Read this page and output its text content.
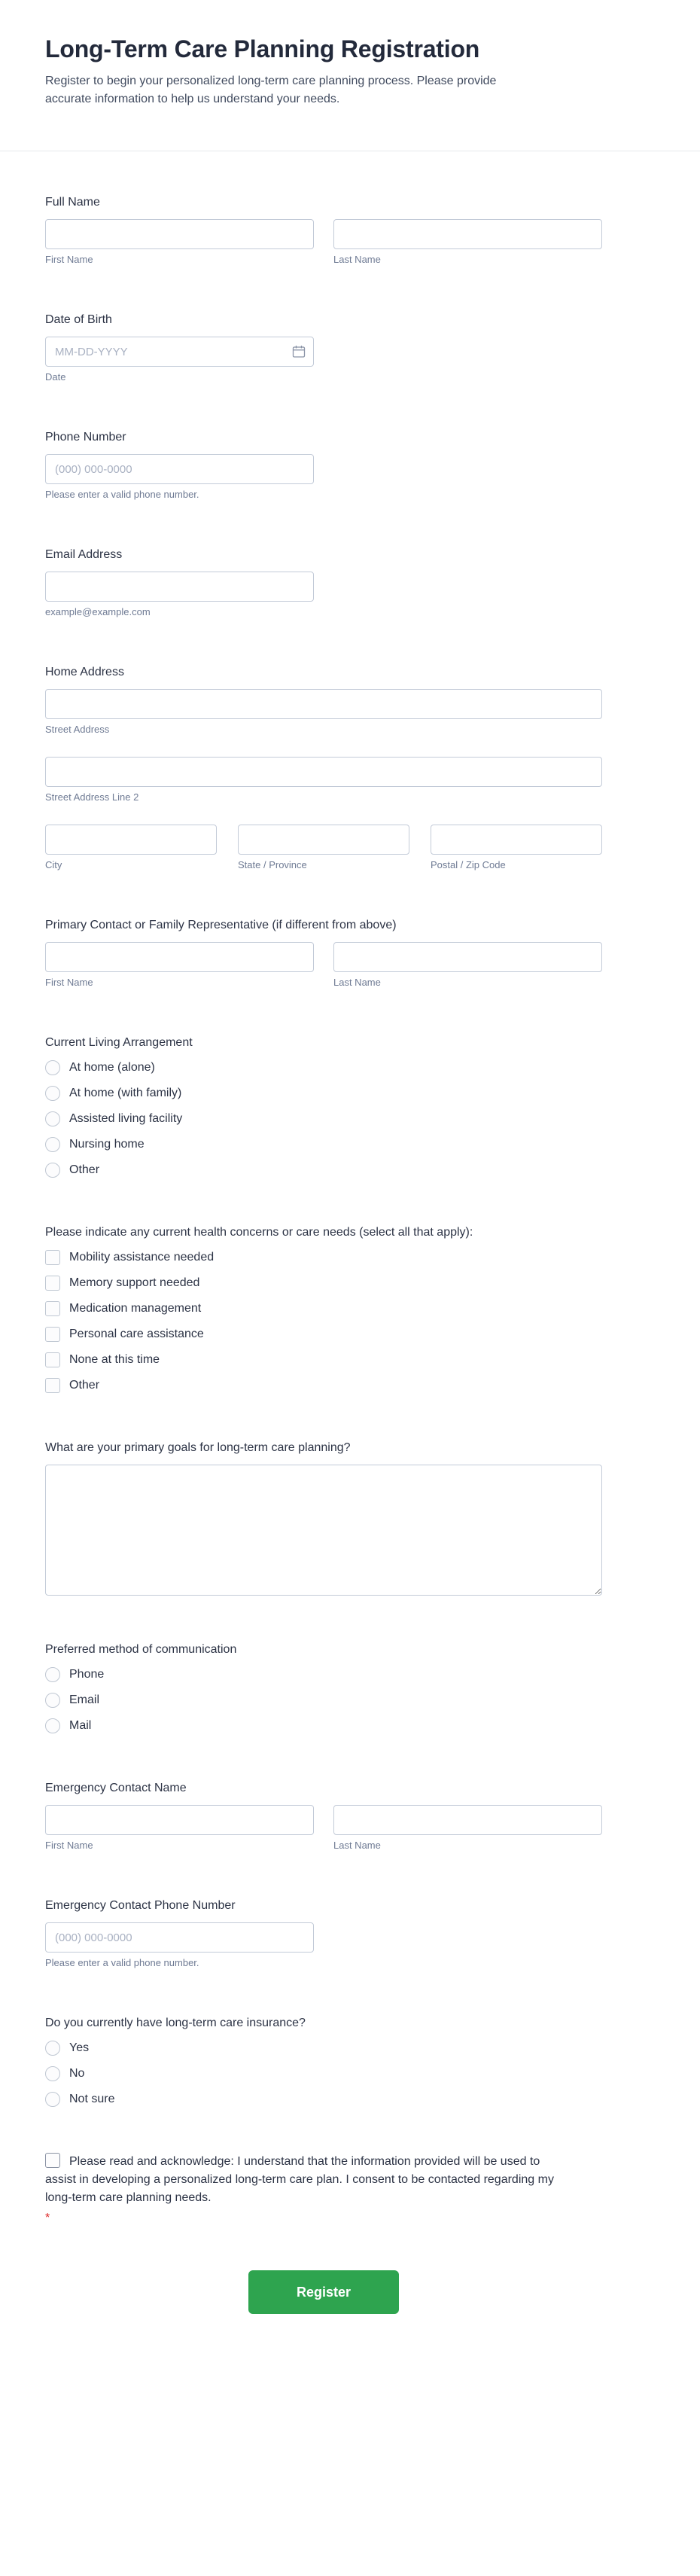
Long-Term Care Planning Registration

Register to begin your personalized long-term care planning process. Please provide accurate information to help us understand your needs.

Full Name
First Name	Last Name
Date of Birth
MM-DD-YYYY
Date
Phone Number
(000) 000-0000
Please enter a valid phone number.
Email Address
example@example.com
Home Address
Street Address
Street Address Line 2
City	State / Province	Postal / Zip Code
Primary Contact or Family Representative (if different from above)
First Name	Last Name
Current Living Arrangement
At home (alone)
At home (with family)
Assisted living facility
Nursing home
Other
Please indicate any current health concerns or care needs (select all that apply):
Mobility assistance needed
Memory support needed
Medication management
Personal care assistance
None at this time
Other
What are your primary goals for long-term care planning?
Preferred method of communication
Phone
Email
Mail
Emergency Contact Name
First Name	Last Name
Emergency Contact Phone Number
(000) 000-0000
Please enter a valid phone number.
Do you currently have long-term care insurance?
Yes
No
Not sure
Please read and acknowledge: I understand that the information provided will be used to assist in developing a personalized long-term care plan. I consent to be contacted regarding my long-term care planning needs.
*
Register
